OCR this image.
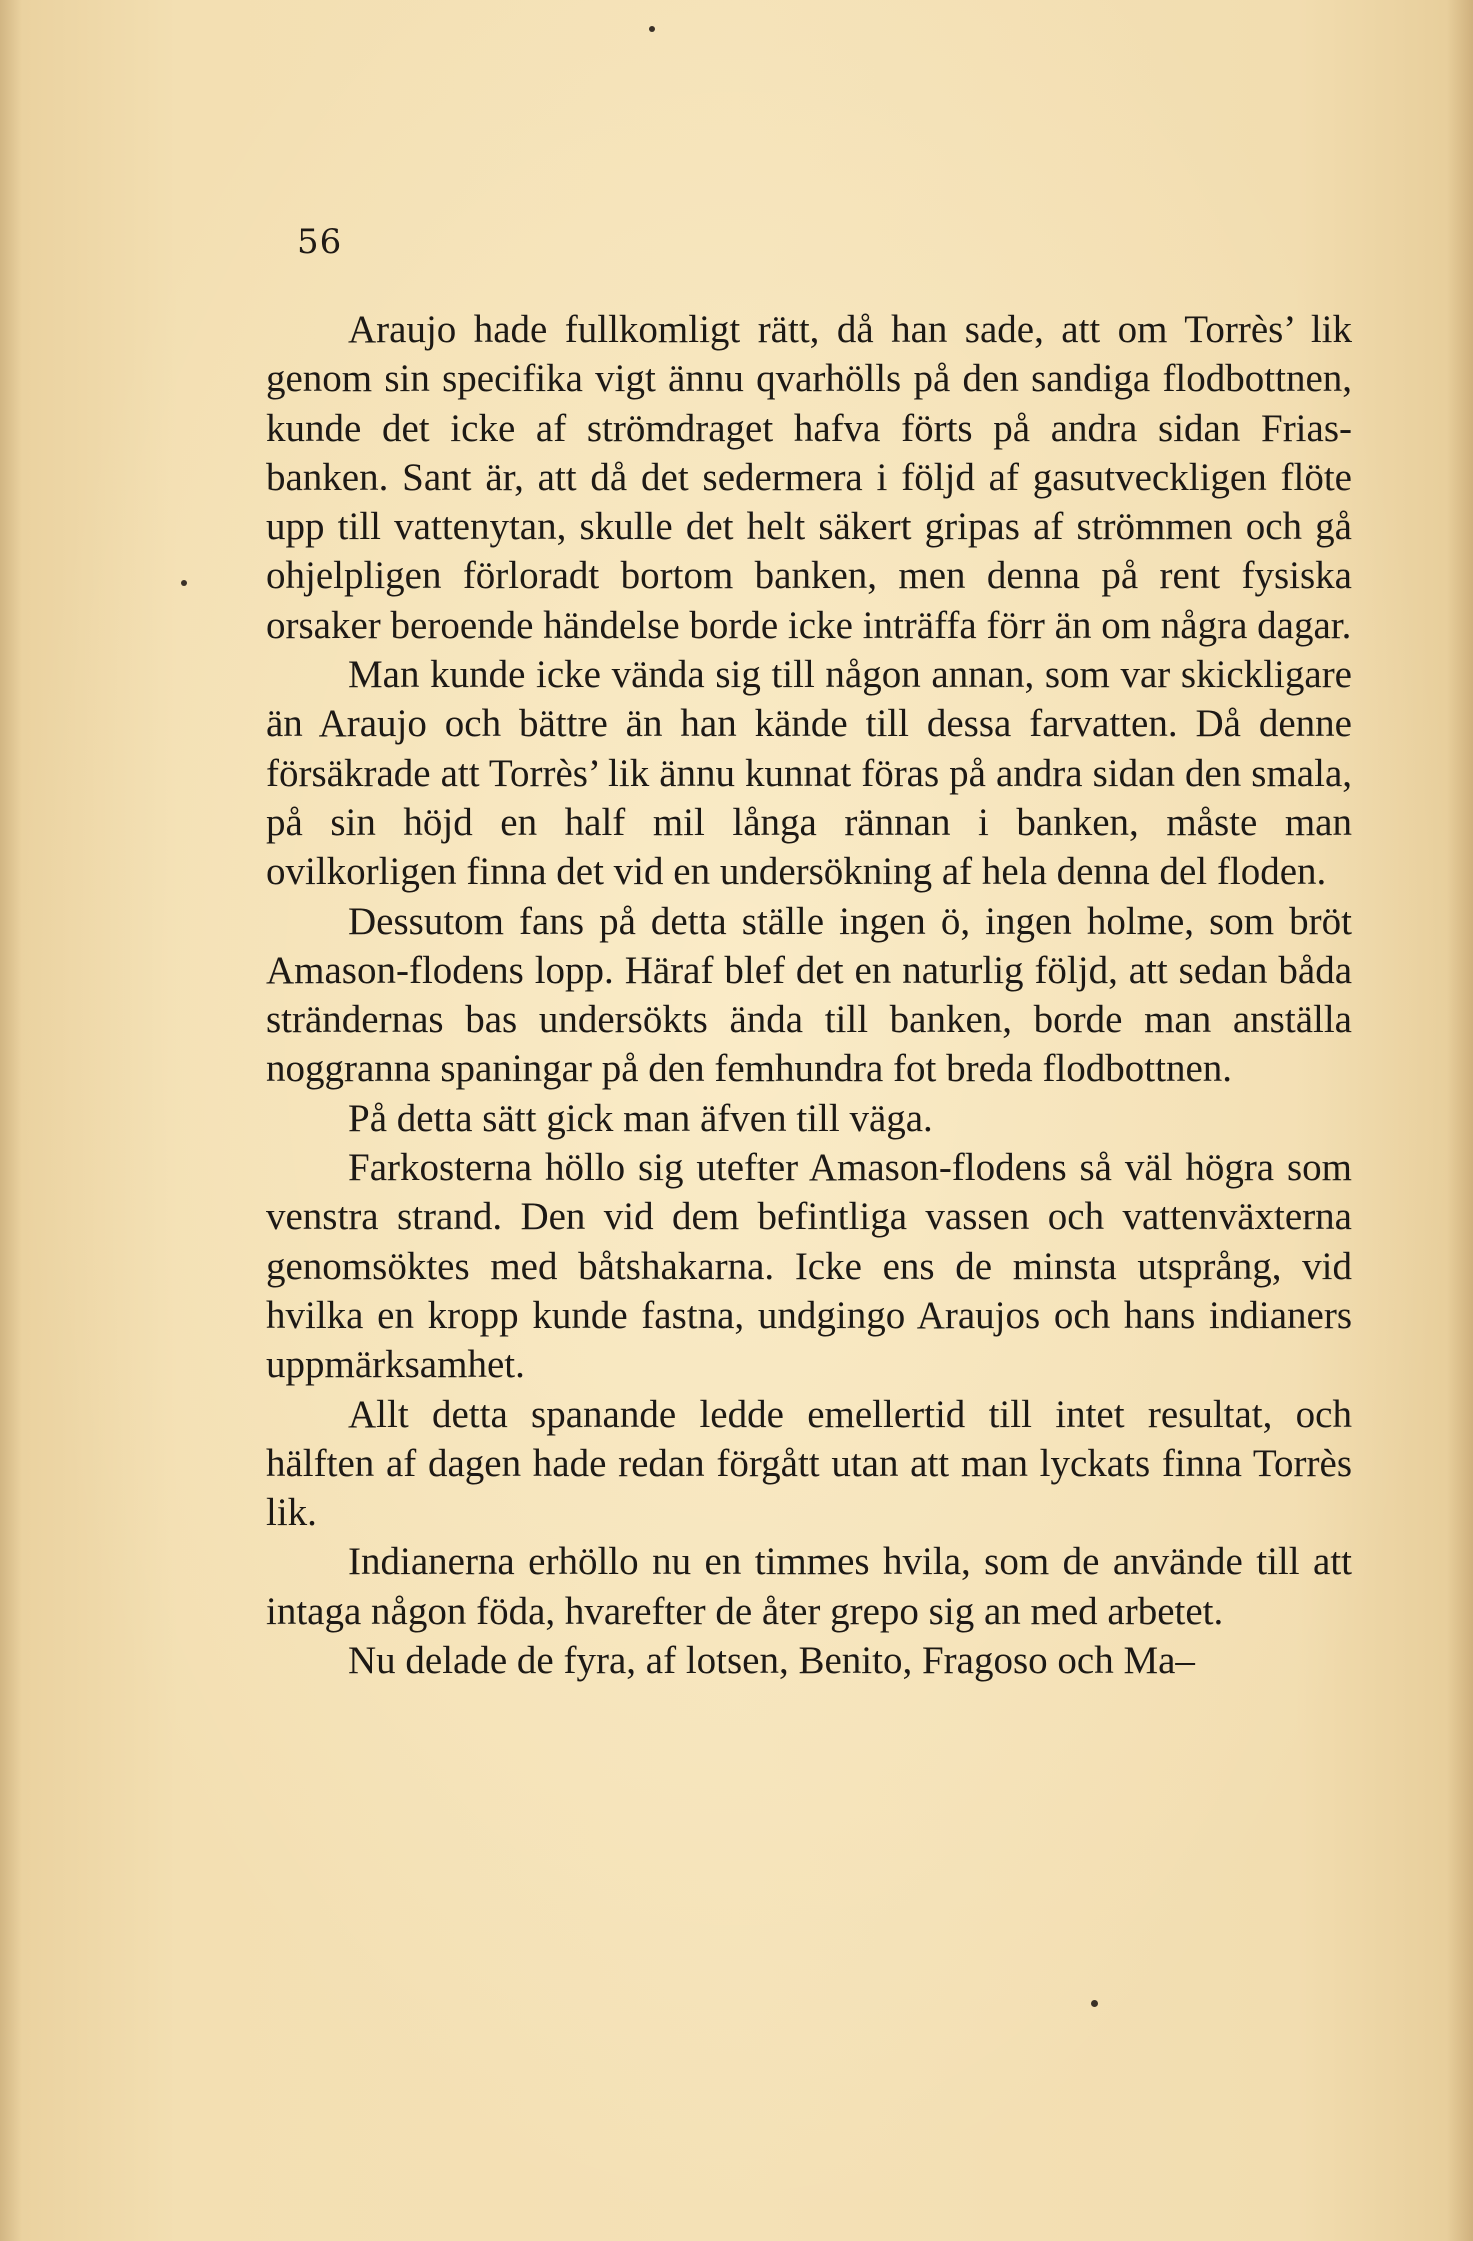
56

Araujo hade fullkomligt rätt, då han sade, att om Torrès’ lik genom sin specifika vigt ännu qvarhölls på den sandiga flodbottnen, kunde det icke af strömdraget hafva förts på andra sidan Frias-banken. Sant är, att då det sedermera i följd af gasutveckligen flöte upp till vattenytan, skulle det helt säkert gripas af strömmen och gå ohjelpligen förloradt bortom banken, men denna på rent fysiska orsaker beroende händelse borde icke inträffa förr än om några dagar.

Man kunde icke vända sig till någon annan, som var skickligare än Araujo och bättre än han kände till dessa farvatten. Då denne försäkrade att Torrès’ lik ännu kunnat föras på andra sidan den smala, på sin höjd en half mil långa rännan i banken, måste man ovilkorligen finna det vid en undersökning af hela denna del floden.

Dessutom fans på detta ställe ingen ö, ingen holme, som bröt Amason-flodens lopp. Häraf blef det en naturlig följd, att sedan båda strändernas bas undersökts ända till banken, borde man anställa noggranna spaningar på den femhundra fot breda flodbottnen.

På detta sätt gick man äfven till väga.

Farkosterna höllo sig utefter Amason-flodens så väl högra som venstra strand. Den vid dem befintliga vassen och vattenväxterna genomsöktes med båtshakarna. Icke ens de minsta utsprång, vid hvilka en kropp kunde fastna, undgingo Araujos och hans indianers uppmärksamhet.

Allt detta spanande ledde emellertid till intet resultat, och hälften af dagen hade redan förgått utan att man lyckats finna Torrès lik.

Indianerna erhöllo nu en timmes hvila, som de använde till att intaga någon föda, hvarefter de åter grepo sig an med arbetet.

Nu delade de fyra, af lotsen, Benito, Fragoso och Ma–
